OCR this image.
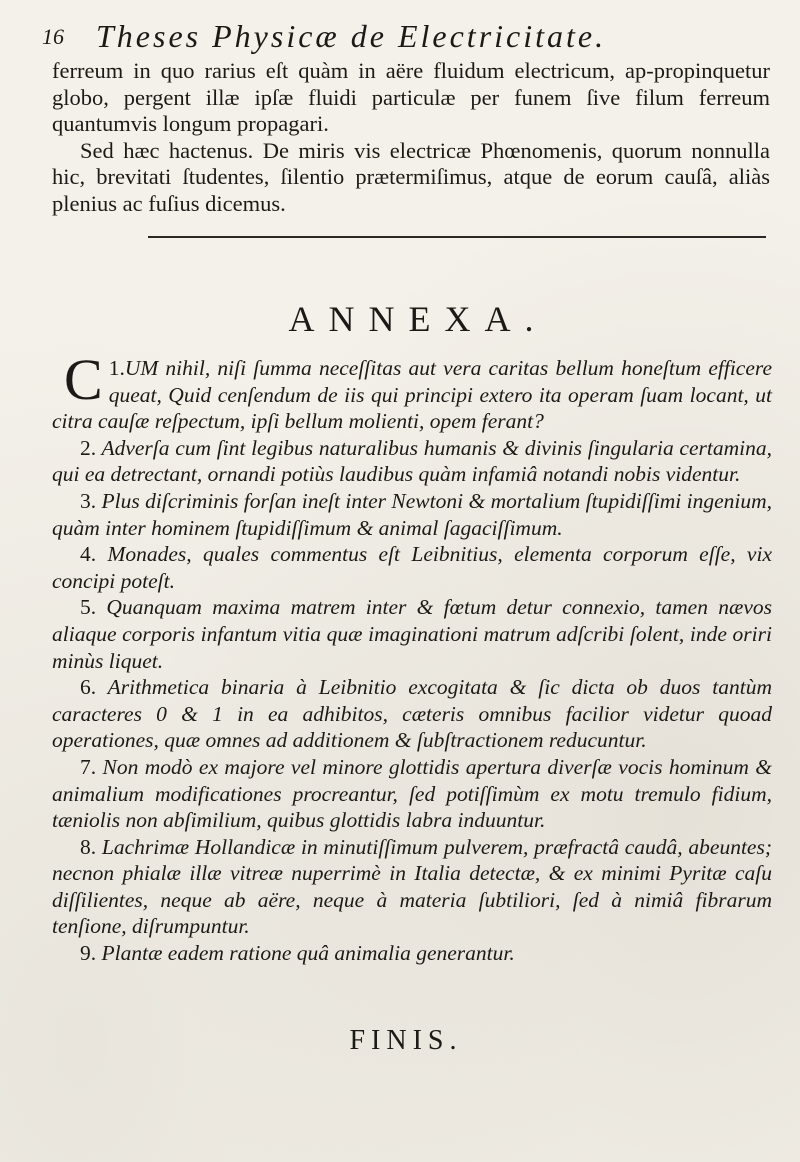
16 Theses Physicæ de Electricitate.

ferreum in quo rarius eſt quàm in aëre fluidum electricum, ap-propinquetur globo, pergent illæ ipſæ fluidi particulæ per funem ſive filum ferreum quantumvis longum propagari.

Sed hæc hactenus. De miris vis electricæ Phœnomenis, quorum nonnulla hic, brevitati ſtudentes, ſilentio prætermiſimus, atque de eorum cauſâ, aliàs plenius ac fuſius dicemus.

ANNEXA.

1.
C UM nihil, niſi ſumma neceſſitas aut vera caritas bellum honeſtum efficere queat, Quid cenſendum de iis qui principi extero ita operam ſuam locant, ut citra cauſæ reſpectum, ipſi bellum molienti, opem ferant?

2. Adverſa cum ſint legibus naturalibus humanis & divinis ſingularia certamina, qui ea detrectant, ornandi potiùs laudibus quàm infamiâ notandi nobis videntur.

3. Plus diſcriminis forſan ineſt inter Newtoni & mortalium ſtupidiſſimi ingenium, quàm inter hominem ſtupidiſſimum & animal ſagaciſſimum.

4. Monades, quales commentus eſt Leibnitius, elementa corporum eſſe, vix concipi poteſt.

5. Quanquam maxima matrem inter & fœtum detur connexio, tamen nævos aliaque corporis infantum vitia quæ imaginationi matrum adſcribi ſolent, inde oriri minùs liquet.

6. Arithmetica binaria à Leibnitio excogitata & ſic dicta ob duos tantùm caracteres 0 & 1 in ea adhibitos, cæteris omnibus facilior videtur quoad operationes, quæ omnes ad additionem & ſubſtractionem reducuntur.

7. Non modò ex majore vel minore glottidis apertura diverſæ vocis hominum & animalium modificationes procreantur, ſed potiſſimùm ex motu tremulo fidium, tæniolis non abſimilium, quibus glottidis labra induuntur.

8. Lachrimæ Hollandicæ in minutiſſimum pulverem, præfractâ caudâ, abeuntes; necnon phialæ illæ vitreæ nuperrimè in Italia detectæ, & ex minimi Pyritæ caſu diſſilientes, neque ab aëre, neque à materia ſubtiliori, ſed à nimiâ fibrarum tenſione, diſrumpuntur.

9. Plantæ eadem ratione quâ animalia generantur.

FINIS.
